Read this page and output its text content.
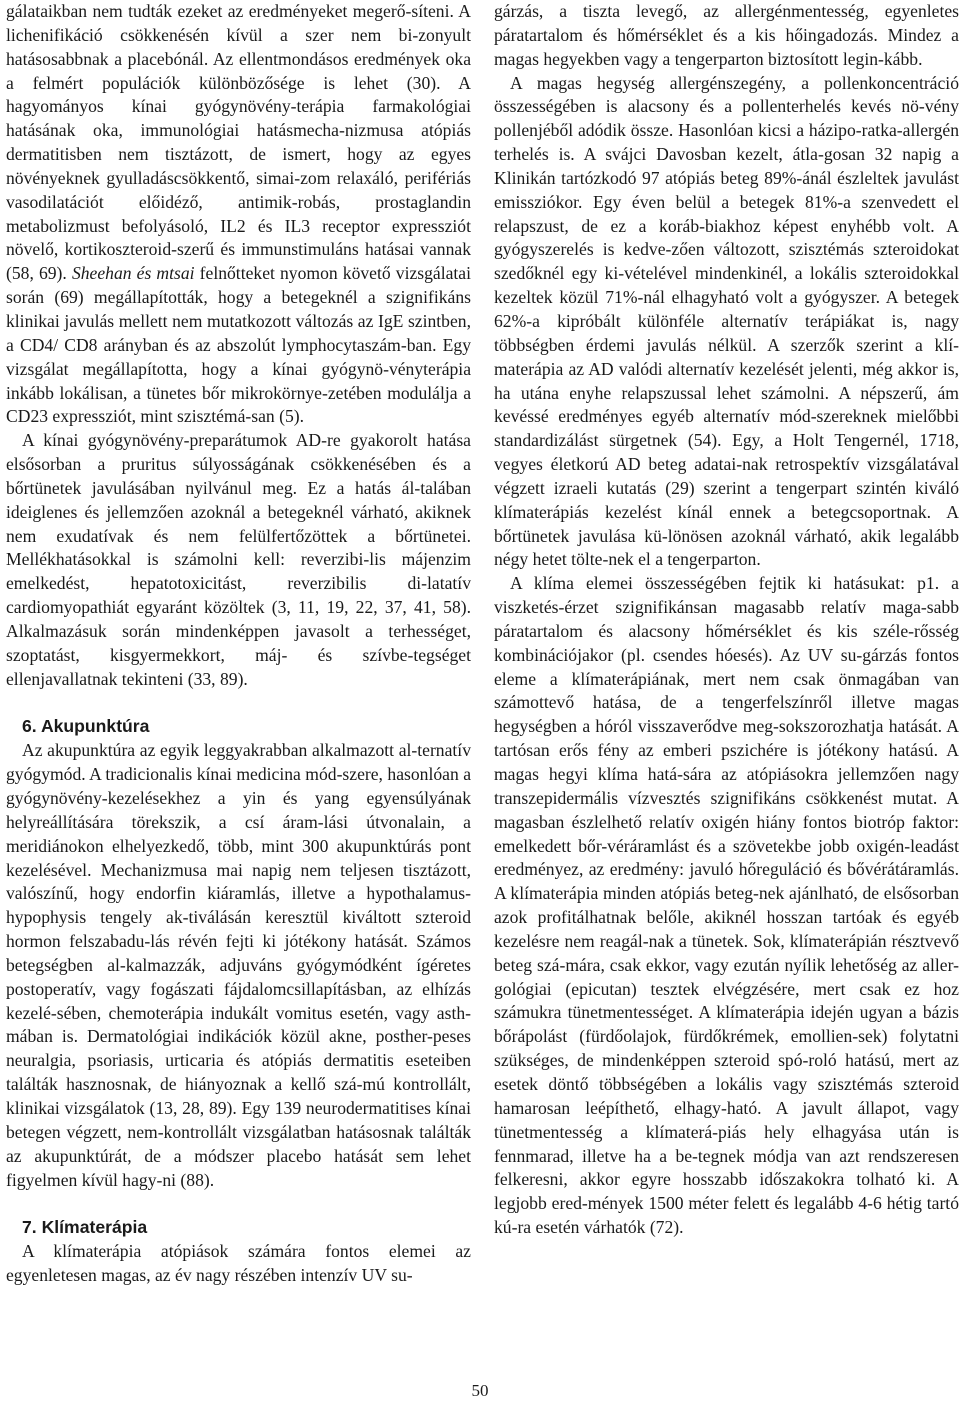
gálataikban nem tudták ezeket az eredményeket megerő-síteni. A lichenifikáció csökkenésén kívül a szer nem bi-zonyult hatásosabbnak a placebónál. Az ellentmondásos eredmények oka a felmért populációk különbözősége is lehet (30). A hagyományos kínai gyógynövény-terápia farmakológiai hatásának oka, immunológiai hatásmecha-nizmusa atópiás dermatitisben nem tisztázott, de ismert, hogy az egyes növényeknek gyulladáscsökkentő, simai-zom relaxáló, perifériás vasodilatációt előidéző, antimik-robás, prostaglandin metabolizmust befolyásoló, IL2 és IL3 receptor expressziót növelő, kortikoszteroid-szerű és immunstimuláns hatásai vannak (58, 69). Sheehan és mtsai felnőtteket nyomon követő vizsgálatai során (69) megállapították, hogy a betegeknél a szignifikáns klinikai javulás mellett nem mutatkozott változás az IgE szintben, a CD4/ CD8 arányban és az abszolút lymphocytaszám-ban. Egy vizsgálat megállapította, hogy a kínai gyógynö-vényterápia inkább lokálisan, a tünetes bőr mikrokörnye-zetében modulálja a CD23 expressziót, mint szisztémá-san (5).

A kínai gyógynövény-preparátumok AD-re gyakorolt hatása elsősorban a pruritus súlyosságának csökkenésében és a bőrtünetek javulásában nyilvánul meg. Ez a hatás ál-talában ideiglenes és jellemzően azoknál a betegeknél várható, akiknek nem exudatívak és nem felülfertőzöttek a bőrtünetei. Mellékhatásokkal is számolni kell: reverzibi-lis májenzim emelkedést, hepatotoxicitást, reverzibilis di-latatív cardiomyopathiát egyaránt közöltek (3, 11, 19, 22, 37, 41, 58). Alkalmazásuk során mindenképpen javasolt a terhességet, szoptatást, kisgyermekkort, máj- és szívbe-tegséget ellenjavallatnak tekinteni (33, 89).

6. Akupunktúra

Az akupunktúra az egyik leggyakrabban alkalmazott al-ternatív gyógymód. A tradicionalis kínai medicina mód-szere, hasonlóan a gyógynövény-kezelésekhez a yin és yang egyensúlyának helyreállítására törekszik, a csí áram-lási útvonalain, a meridiánokon elhelyezkedő, több, mint 300 akupunktúrás pont kezelésével. Mechanizmusa mai napig nem teljesen tisztázott, valószínű, hogy endorfin kiáramlás, illetve a hypothalamus-hypophysis tengely ak-tiválásán keresztül kiváltott szteroid hormon felszabadu-lás révén fejti ki jótékony hatását. Számos betegségben al-kalmazzák, adjuváns gyógymódként ígéretes postoperatív, vagy fogászati fájdalomcsillapításban, az elhízás kezelé-sében, chemoterápia indukált vomitus esetén, vagy asth-mában is. Dermatológiai indikációk közül akne, posther-peses neuralgia, psoriasis, urticaria és atópiás dermatitis eseteiben találták hasznosnak, de hiányoznak a kellő szá-mú kontrollált, klinikai vizsgálatok (13, 28, 89). Egy 139 neurodermatitises kínai betegen végzett, nem-kontrollált vizsgálatban hatásosnak találták az akupunktúrát, de a módszer placebo hatását sem lehet figyelmen kívül hagy-ni (88).

7. Klímaterápia

A klímaterápia atópiások számára fontos elemei az egyenletesen magas, az év nagy részében intenzív UV su-

gárzás, a tiszta levegő, az allergénmentesség, egyenletes páratartalom és hőmérséklet és a kis hőingadozás. Mindez a magas hegyekben vagy a tengerparton biztosított legin-kább.

A magas hegység allergénszegény, a pollenkoncentráció összességében is alacsony és a pollenterhelés kevés nö-vény pollenjéből adódik össze. Hasonlóan kicsi a házipo-ratka-allergén terhelés is. A svájci Davosban kezelt, átla-gosan 32 napig a Klinikán tartózkodó 97 atópiás beteg 89%-ánál észleltek javulást emissziókor. Egy éven belül a betegek 81%-a szenvedett el relapszust, de ez a koráb-biakhoz képest enyhébb volt. A gyógyszerelés is kedve-zően változott, szisztémás szteroidokat szedőknél egy ki-vételével mindenkinél, a lokális szteroidokkal kezeltek közül 71%-nál elhagyható volt a gyógyszer. A betegek 62%-a kipróbált különféle alternatív terápiákat is, nagy többségben érdemi javulás nélkül. A szerzők szerint a klí-materápia az AD valódi alternatív kezelését jelenti, még akkor is, ha utána enyhe relapszussal lehet számolni. A népszerű, ám kevéssé eredményes egyéb alternatív mód-szereknek mielőbbi standardizálást sürgetnek (54). Egy, a Holt Tengernél, 1718, vegyes életkorú AD beteg adatai-nak retrospektív vizsgálatával végzett izraeli kutatás (29) szerint a tengerpart szintén kiváló klímaterápiás kezelést kínál ennek a betegcsoportnak. A bőrtünetek javulása kü-lönösen azoknál várható, akik legalább négy hetet tölte-nek el a tengerparton.

A klíma elemei összességében fejtik ki hatásukat: p1. a viszketés-érzet szignifikánsan magasabb relatív maga-sabb páratartalom és alacsony hőmérséklet és kis széle-rősség kombinációjakor (pl. csendes hóesés). Az UV su-gárzás fontos eleme a klímaterápiának, mert nem csak önmagában van számottevő hatása, de a tengerfelszínről illetve magas hegységben a hóról visszaverődve meg-sokszorozhatja hatását. A tartósan erős fény az emberi pszichére is jótékony hatású. A magas hegyi klíma hatá-sára az atópiásokra jellemzően nagy transzepidermális vízvesztés szignifikáns csökkenést mutat. A magasban észlelhető relatív oxigén hiány fontos biotróp faktor: emelkedett bőr-véráramlást és a szövetekbe jobb oxigén-leadást eredményez, az eredmény: javuló hőreguláció és bővérátáramlás. A klímaterápia minden atópiás beteg-nek ajánlható, de elsősorban azok profitálhatnak belőle, akiknél hosszan tartóak és egyéb kezelésre nem reagál-nak a tünetek. Sok, klímaterápián résztvevő beteg szá-mára, csak ekkor, vagy ezután nyílik lehetőség az aller-gológiai (epicutan) tesztek elvégzésére, mert csak ez hoz számukra tünetmentességet. A klímaterápia idején ugyan a bázis bőrápolást (fürdőolajok, fürdőkrémek, emollien-sek) folytatni szükséges, de mindenképpen szteroid spó-roló hatású, mert az esetek döntő többségében a lokális vagy szisztémás szteroid hamarosan leépíthető, elhagy-ható. A javult állapot, vagy tünetmentesség a klímaterá-piás hely elhagyása után is fennmarad, illetve ha a be-tegnek módja van azt rendszeresen felkeresni, akkor egyre hosszabb időszakokra tolható ki. A legjobb ered-mények 1500 méter felett és legalább 4-6 hétig tartó kú-ra esetén várhatók (72).

50
